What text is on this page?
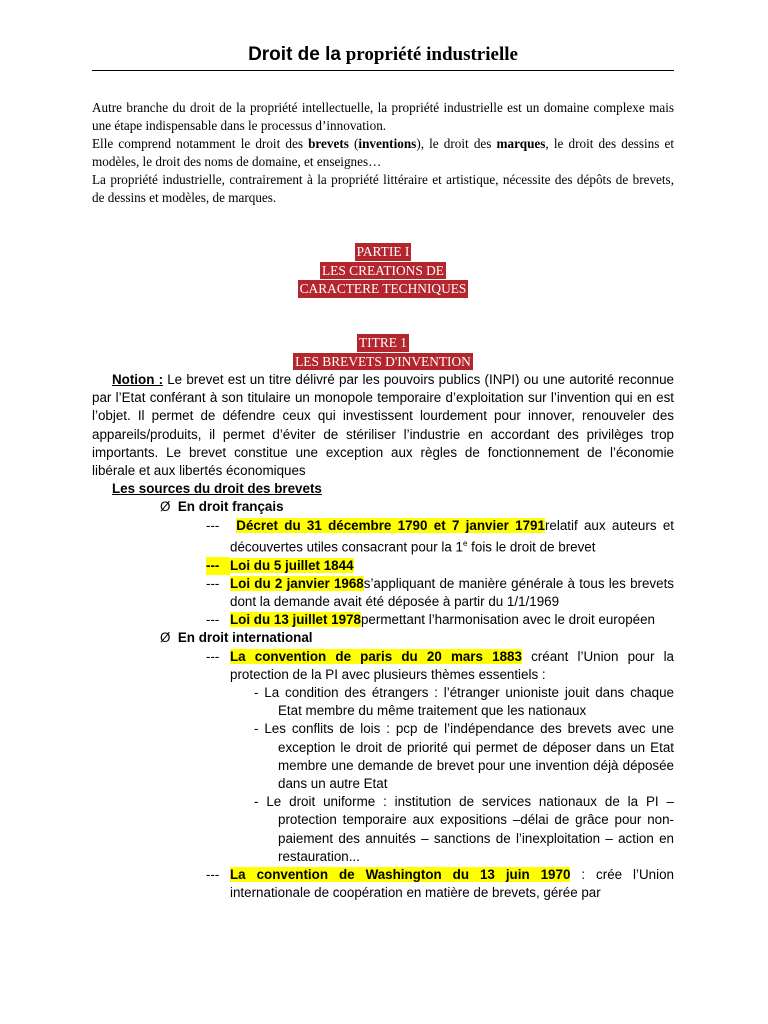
Droit de la propriété industrielle

Autre branche du droit de la propriété intellectuelle, la propriété industrielle est un domaine complexe mais une étape indispensable dans le processus d’innovation.

Elle comprend notamment le droit des brevets (inventions), le droit des marques, le droit des dessins et modèles, le droit des noms de domaine, et enseignes…

La propriété industrielle, contrairement à la propriété littéraire et artistique, nécessite des dépôts de brevets, de dessins et modèles, de marques.

PARTIE I
LES CREATIONS DE
CARACTERE TECHNIQUES
TITRE 1
LES BREVETS D'INVENTION

Notion : Le brevet est un titre délivré par les pouvoirs publics (INPI) ou une autorité reconnue par l’Etat conférant à son titulaire un monopole temporaire d’exploitation sur l’invention qui en est l’objet. Il permet de défendre ceux qui investissent lourdement pour innover, renouveler des appareils/produits, il permet d’éviter de stériliser l’industrie en accordant des privilèges trop importants. Le brevet constitue une exception aux règles de fonctionnement de l’économie libérale et aux libertés économiques

Les sources du droit des brevets
Ø En droit français
---	Décret du 31 décembre 1790 et 7 janvier 1791relatif aux auteurs et découvertes utiles consacrant pour la 1e fois le droit de brevet

--- Loi du 5 juillet 1844

--- Loi du 2 janvier 1968s’appliquant de manière générale à tous les brevets dont la demande avait été déposée à partir du 1/1/1969

--- Loi du 13 juillet 1978permettant l’harmonisation avec le droit européen

Ø En droit international
--- La convention de paris du 20 mars 1883 créant l’Union pour la protection de la PI avec plusieurs thèmes essentiels :

- La condition des étrangers : l’étranger unioniste jouit dans chaque Etat membre du même traitement que les nationaux

- Les conflits de lois : pcp de l’indépendance des brevets avec une exception le droit de priorité qui permet de déposer dans un Etat membre une demande de brevet pour une invention déjà déposée dans un autre Etat

- Le droit uniforme : institution de services nationaux de la PI – protection temporaire aux expositions –délai de grâce pour non-paiement des annuités – sanctions de l’inexploitation – action en restauration...

--- La convention de Washington du 13 juin 1970 : crée l’Union internationale de coopération en matière de brevets, gérée par
